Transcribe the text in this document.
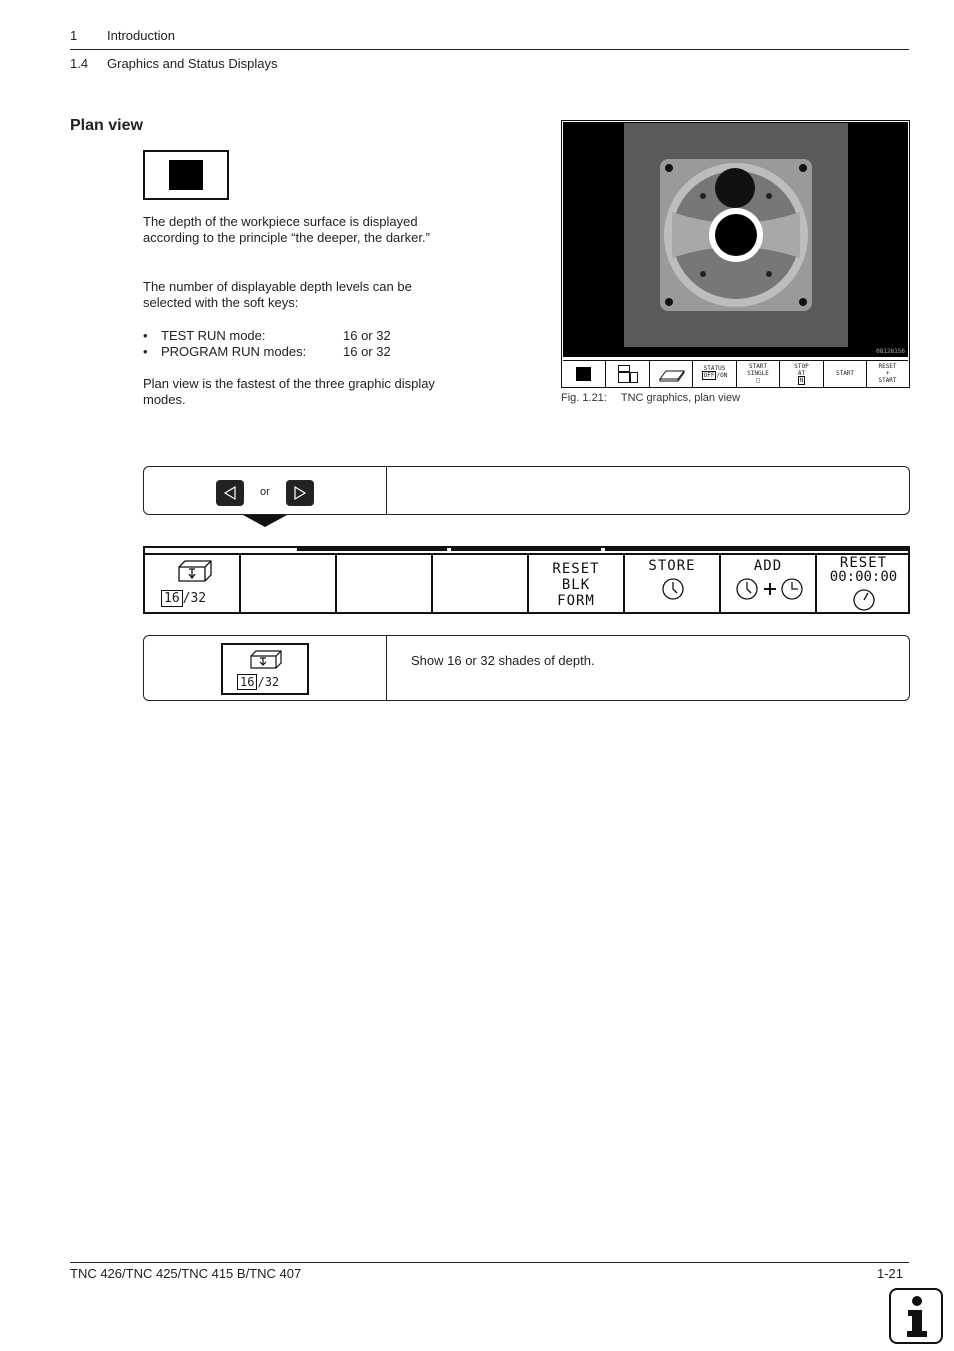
1 Introduction
1.4 Graphics and Status Displays
Plan view
The depth of the workpiece surface is displayed according to the principle “the deeper, the darker.”
The number of displayable depth levels can be selected with the soft keys:
• TEST RUN mode:	16 or 32
• PROGRAM RUN modes:	16 or 32
Plan view is the fastest of the three graphic display modes.
08128156
STATUS
OFF /ON
START
SINGLE
□
STOP
AT
N
START
RESET
+
START
Fig. 1.21: TNC graphics, plan view
or
16 /32
RESET
BLK
FORM
STORE	ADD	RESET
00:00:00
16 /32
Show 16 or 32 shades of depth.
TNC 426/TNC 425/TNC 415 B/TNC 407	1-21
